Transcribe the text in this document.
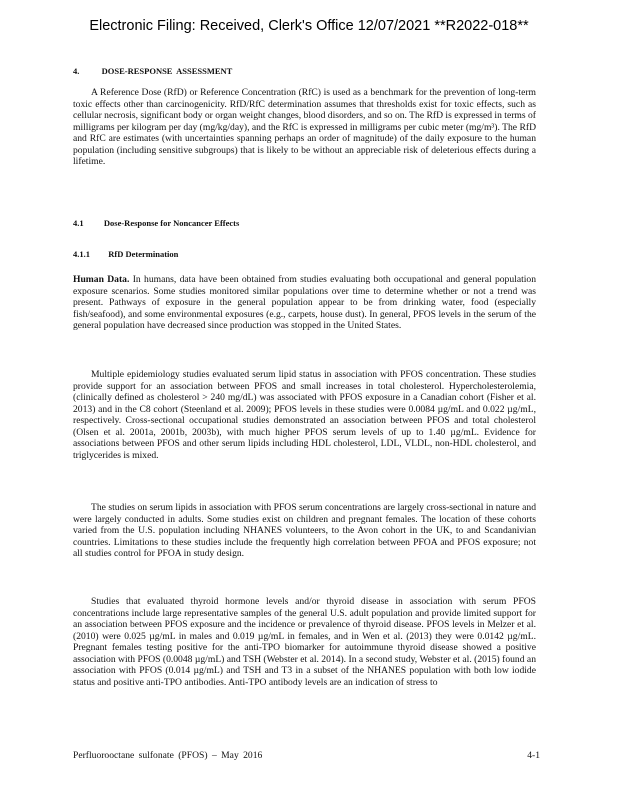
Electronic Filing: Received, Clerk's Office 12/07/2021 **R2022-018**
4.	DOSE-RESPONSE ASSESSMENT
A Reference Dose (RfD) or Reference Concentration (RfC) is used as a benchmark for the prevention of long-term toxic effects other than carcinogenicity. RfD/RfC determination assumes that thresholds exist for toxic effects, such as cellular necrosis, significant body or organ weight changes, blood disorders, and so on. The RfD is expressed in terms of milligrams per kilogram per day (mg/kg/day), and the RfC is expressed in milligrams per cubic meter (mg/m³). The RfD and RfC are estimates (with uncertainties spanning perhaps an order of magnitude) of the daily exposure to the human population (including sensitive subgroups) that is likely to be without an appreciable risk of deleterious effects during a lifetime.
4.1 Dose-Response for Noncancer Effects
4.1.1 RfD Determination
Human Data. In humans, data have been obtained from studies evaluating both occupational and general population exposure scenarios. Some studies monitored similar populations over time to determine whether or not a trend was present. Pathways of exposure in the general population appear to be from drinking water, food (especially fish/seafood), and some environmental exposures (e.g., carpets, house dust). In general, PFOS levels in the serum of the general population have decreased since production was stopped in the United States.
Multiple epidemiology studies evaluated serum lipid status in association with PFOS concentration. These studies provide support for an association between PFOS and small increases in total cholesterol. Hypercholesterolemia, (clinically defined as cholesterol > 240 mg/dL) was associated with PFOS exposure in a Canadian cohort (Fisher et al. 2013) and in the C8 cohort (Steenland et al. 2009); PFOS levels in these studies were 0.0084 µg/mL and 0.022 µg/mL, respectively. Cross-sectional occupational studies demonstrated an association between PFOS and total cholesterol (Olsen et al. 2001a, 2001b, 2003b), with much higher PFOS serum levels of up to 1.40 µg/mL. Evidence for associations between PFOS and other serum lipids including HDL cholesterol, LDL, VLDL, non-HDL cholesterol, and triglycerides is mixed.
The studies on serum lipids in association with PFOS serum concentrations are largely cross-sectional in nature and were largely conducted in adults. Some studies exist on children and pregnant females. The location of these cohorts varied from the U.S. population including NHANES volunteers, to the Avon cohort in the UK, to and Scandanivian countries. Limitations to these studies include the frequently high correlation between PFOA and PFOS exposure; not all studies control for PFOA in study design.
Studies that evaluated thyroid hormone levels and/or thyroid disease in association with serum PFOS concentrations include large representative samples of the general U.S. adult population and provide limited support for an association between PFOS exposure and the incidence or prevalence of thyroid disease. PFOS levels in Melzer et al. (2010) were 0.025 µg/mL in males and 0.019 µg/mL in females, and in Wen et al. (2013) they were 0.0142 µg/mL. Pregnant females testing positive for the anti-TPO biomarker for autoimmune thyroid disease showed a positive association with PFOS (0.0048 µg/mL) and TSH (Webster et al. 2014). In a second study, Webster et al. (2015) found an association with PFOS (0.014 µg/mL) and TSH and T3 in a subset of the NHANES population with both low iodide status and positive anti-TPO antibodies. Anti-TPO antibody levels are an indication of stress to
Perfluorooctane sulfonate (PFOS) – May 2016	4-1
